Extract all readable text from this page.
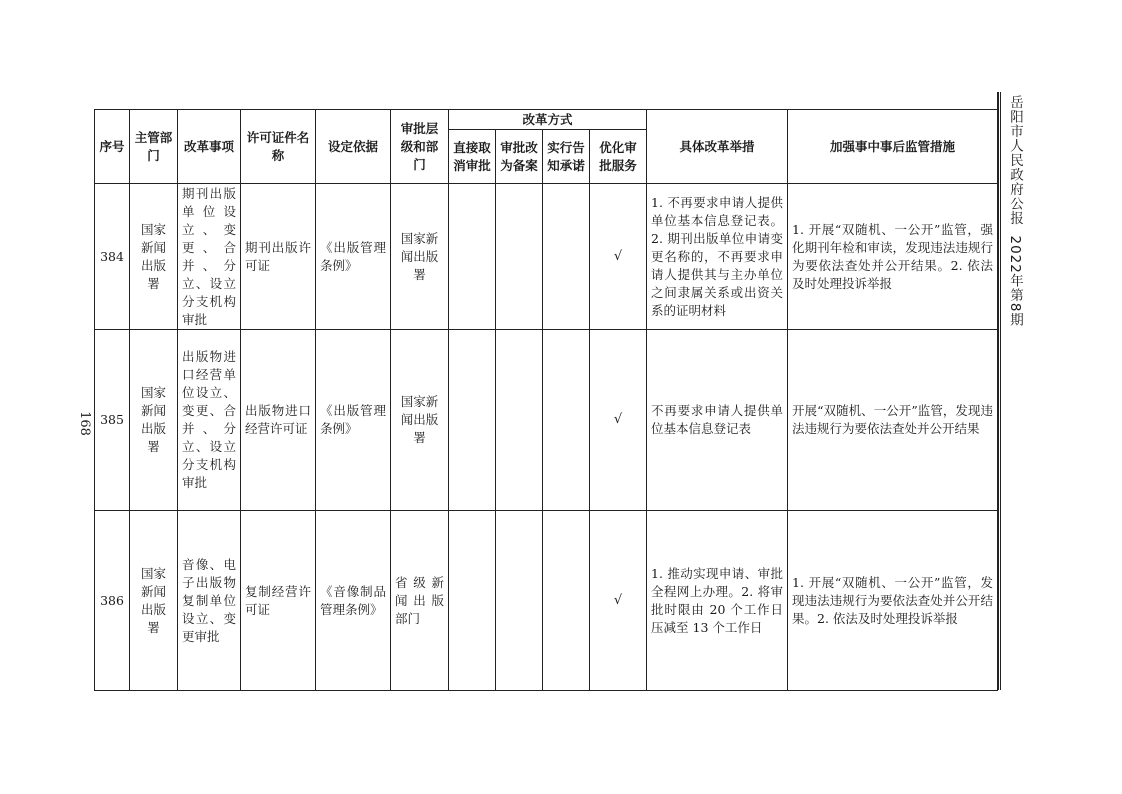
序号	主管部门	改革事项	许可证件名称	设定依据	审批层级和部门	改革方式				具体改革举措	加强事中事后监管措施
						直接取消审批	审批改为备案	实行告知承诺	优化审批服务		
384	国家新闻出版署	期刊出版单位设立、变更、合并、分立、设立分支机构审批	期刊出版许可证	《出版管理条例》	国家新闻出版署				√	1. 不再要求申请人提供单位基本信息登记表。2. 期刊出版单位申请变更名称的，不再要求申请人提供其与主办单位之间隶属关系或出资关系的证明材料	1. 开展“双随机、一公开”监管，强化期刊年检和审读，发现违法违规行为要依法查处并公开结果。2. 依法及时处理投诉举报
385	国家新闻出版署	出版物进口经营单位设立、变更、合并、分立、设立分支机构审批	出版物进口经营许可证	《出版管理条例》	国家新闻出版署				√	不再要求申请人提供单位基本信息登记表	开展“双随机、一公开”监管，发现违法违规行为要依法查处并公开结果
386	国家新闻出版署	音像、电子出版物复制单位设立、变更审批	复制经营许可证	《音像制品管理条例》	省级新闻出版部门				√	1. 推动实现申请、审批全程网上办理。2. 将审批时限由 20 个工作日压减至 13 个工作日	1. 开展“双随机、一公开”监管，发现违法违规行为要依法查处并公开结果。2. 依法及时处理投诉举报
岳阳市人民政府公报2022年第8期
168
